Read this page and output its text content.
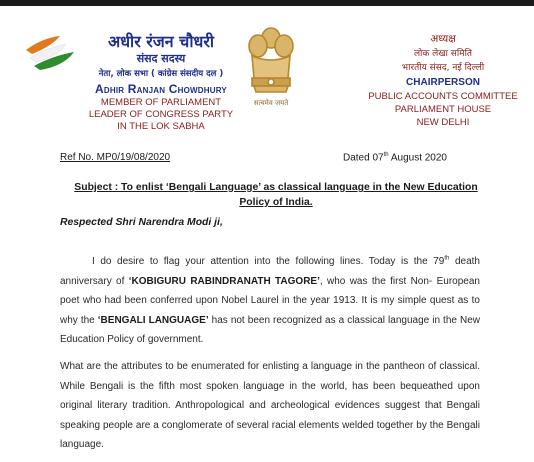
अधीर रंजन चौधरी
संसद सदस्य
नेता, लोक सभा ( कांग्रेस संसदीय दल )
Adhir Ranjan Chowdhury
MEMBER OF PARLIAMENT
LEADER OF CONGRESS PARTY
IN THE LOK SABHA
सत्यमेव जयते
अध्यक्ष
लोक लेखा समिति
भारतीय संसद, नई दिल्ली
CHAIRPERSON
PUBLIC ACCOUNTS COMMITTEE
PARLIAMENT HOUSE
NEW DELHI
Ref No. MP0/19/08/2020	Dated 07th August 2020
Subject : To enlist ‘Bengali Language’ as classical language in the New Education Policy of India.
Respected Shri Narendra Modi ji,
I do desire to flag your attention into the following lines. Today is the 79th death anniversary of ‘KOBIGURU RABINDRANATH TAGORE’, who was the first Non- European poet who had been conferred upon Nobel Laurel in the year 1913. It is my simple quest as to why the ‘BENGALI LANGUAGE’ has not been recognized as a classical language in the New Education Policy of government.
What are the attributes to be enumerated for enlisting a language in the pantheon of classical. While Bengali is the fifth most spoken language in the world, has been bequeathed upon original literary tradition. Anthropological and archeological evidences suggest that Bengali speaking people are a conglomerate of several racial elements welded together by the Bengali language.
